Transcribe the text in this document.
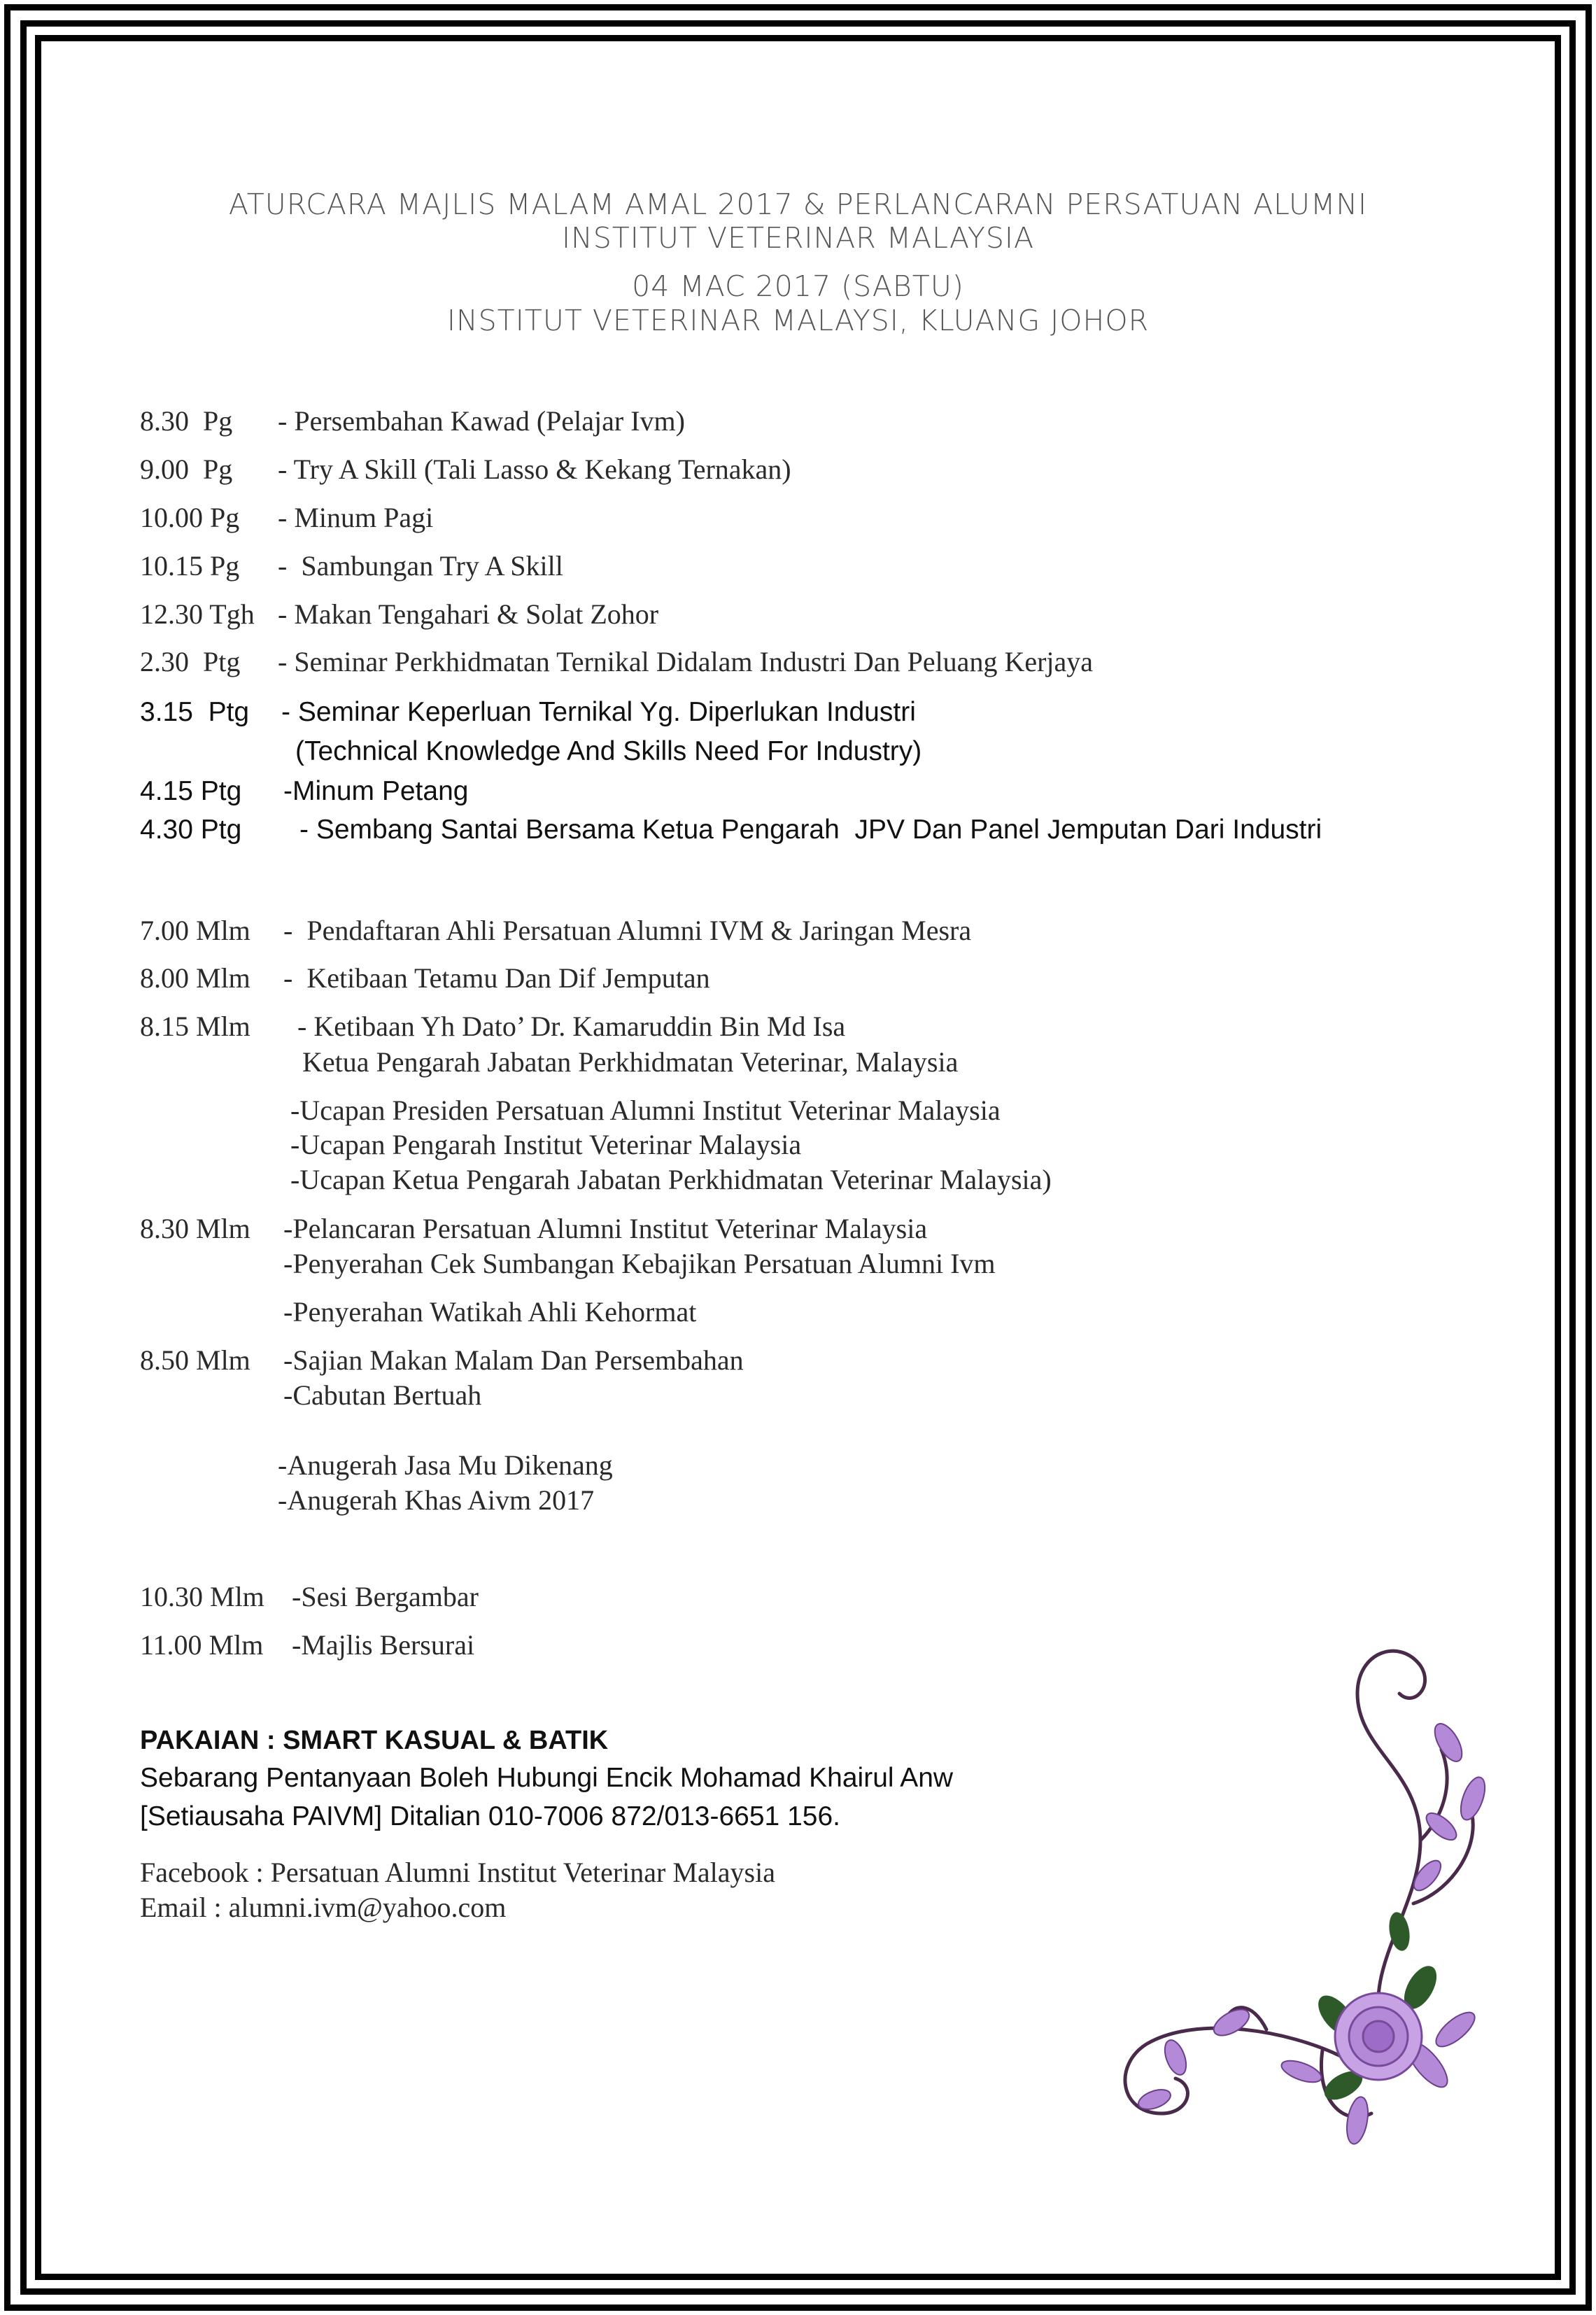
ATURCARA MAJLIS MALAM AMAL 2017 & PERLANCARAN PERSATUAN ALUMNI
INSTITUT VETERINAR MALAYSIA
04 MAC 2017 (SABTU)
INSTITUT VETERINAR MALAYSI, KLUANG JOHOR
8.30  Pg - Persembahan Kawad (Pelajar Ivm)
9.00  Pg - Try A Skill (Tali Lasso & Kekang Ternakan)
10.00 Pg - Minum Pagi
10.15 Pg -  Sambungan Try A Skill
12.30 Tgh - Makan Tengahari & Solat Zohor
2.30  Ptg - Seminar Perkhidmatan Ternikal Didalam Industri Dan Peluang Kerjaya
3.15  Ptg - Seminar Keperluan Ternikal Yg. Diperlukan Industri
(Technical Knowledge And Skills Need For Industry)
4.15 Ptg -Minum Petang
4.30 Ptg - Sembang Santai Bersama Ketua Pengarah  JPV Dan Panel Jemputan Dari Industri
7.00 Mlm -  Pendaftaran Ahli Persatuan Alumni IVM & Jaringan Mesra
8.00 Mlm -  Ketibaan Tetamu Dan Dif Jemputan
8.15 Mlm - Ketibaan Yh Dato’ Dr. Kamaruddin Bin Md Isa
Ketua Pengarah Jabatan Perkhidmatan Veterinar, Malaysia
-Ucapan Presiden Persatuan Alumni Institut Veterinar Malaysia
-Ucapan Pengarah Institut Veterinar Malaysia
-Ucapan Ketua Pengarah Jabatan Perkhidmatan Veterinar Malaysia)
8.30 Mlm -Pelancaran Persatuan Alumni Institut Veterinar Malaysia
-Penyerahan Cek Sumbangan Kebajikan Persatuan Alumni Ivm
-Penyerahan Watikah Ahli Kehormat
8.50 Mlm -Sajian Makan Malam Dan Persembahan
-Cabutan Bertuah
-Anugerah Jasa Mu Dikenang
-Anugerah Khas Aivm 2017
10.30 Mlm -Sesi Bergambar
11.00 Mlm -Majlis Bersurai
PAKAIAN : SMART KASUAL & BATIK
Sebarang Pentanyaan Boleh Hubungi Encik Mohamad Khairul Anw
[Setiausaha PAIVM] Ditalian 010-7006 872/013-6651 156.
Facebook : Persatuan Alumni Institut Veterinar Malaysia
Email : alumni.ivm@yahoo.com
